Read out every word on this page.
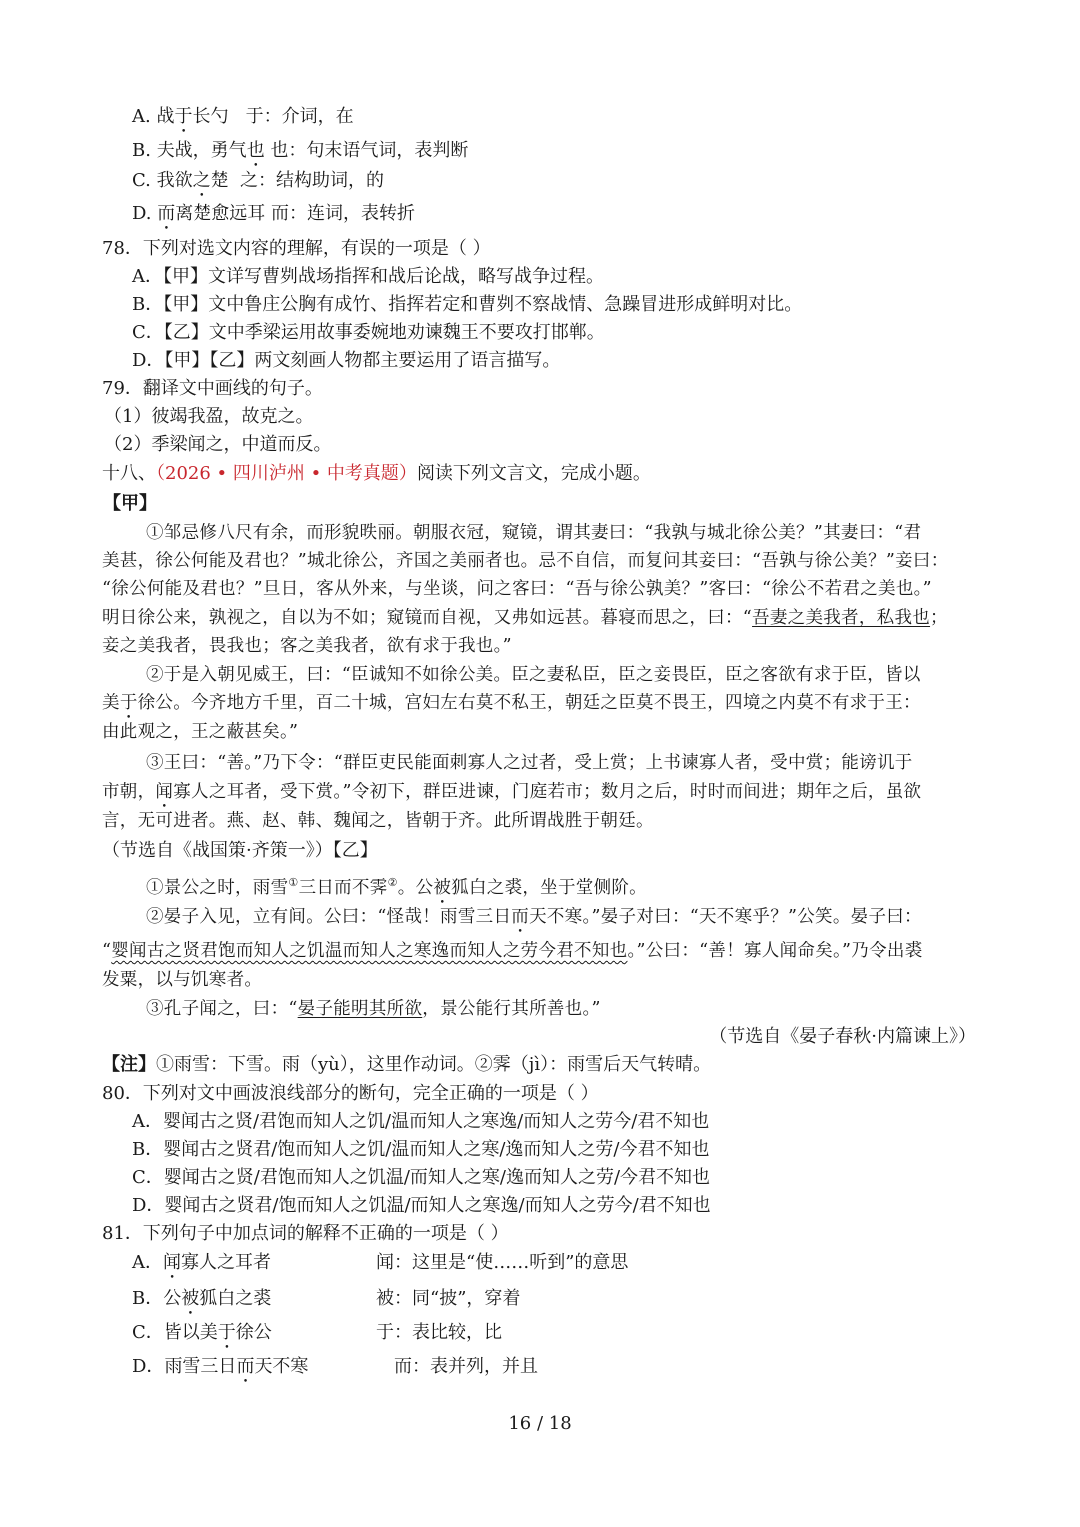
A. 战于长勺 于：介词，在
B. 夫战，勇气也 也：句末语气词，表判断
C. 我欲之楚 之：结构助词，的
D. 而离楚愈远耳 而：连词，表转折
78．下列对选文内容的理解，有误的一项是（ ）
A．【甲】文详写曹刿战场指挥和战后论战，略写战争过程。
B．【甲】文中鲁庄公胸有成竹、指挥若定和曹刿不察战情、急躁冒进形成鲜明对比。
C．【乙】文中季梁运用故事委婉地劝谏魏王不要攻打邯郸。
D．【甲】【乙】两文刻画人物都主要运用了语言描写。
79．翻译文中画线的句子。
（1）彼竭我盈，故克之。
（2）季梁闻之，中道而反。
十八、（2026 • 四川泸州 • 中考真题）阅读下列文言文，完成小题。
【甲】
①邹忌修八尺有余，而形貌昳丽。朝服衣冠，窥镜，谓其妻曰：“我孰与城北徐公美？”其妻曰：“君
美甚，徐公何能及君也？”城北徐公，齐国之美丽者也。忌不自信，而复问其妾曰：“吾孰与徐公美？”妾曰：
“徐公何能及君也？”旦日，客从外来，与坐谈，问之客曰：“吾与徐公孰美？”客曰：“徐公不若君之美也。”
明日徐公来，孰视之，自以为不如；窥镜而自视，又弗如远甚。暮寝而思之，曰：“吾妻之美我者，私我也；
妾之美我者，畏我也；客之美我者，欲有求于我也。”
②于是入朝见威王，曰：“臣诚知不如徐公美。臣之妻私臣，臣之妾畏臣，臣之客欲有求于臣，皆以
美于徐公。今齐地方千里，百二十城，宫妇左右莫不私王，朝廷之臣莫不畏王，四境之内莫不有求于王：
由此观之，王之蔽甚矣。”
③王曰：“善。”乃下令：“群臣吏民能面刺寡人之过者，受上赏；上书谏寡人者，受中赏；能谤讥于
市朝，闻寡人之耳者，受下赏。”令初下，群臣进谏，门庭若市；数月之后，时时而间进；期年之后，虽欲
言，无可进者。燕、赵、韩、魏闻之，皆朝于齐。此所谓战胜于朝廷。
（节选自《战国策·齐策一》）【乙】
①景公之时，雨雪①三日而不霁②。公被狐白之裘，坐于堂侧阶。
②晏子入见，立有间。公曰：“怪哉！雨雪三日而天不寒。”晏子对曰：“天不寒乎？”公笑。晏子曰：
“婴闻古之贤君饱而知人之饥温而知人之寒逸而知人之劳今君不知也。”公曰：“善！寡人闻命矣。”乃令出裘
发粟，以与饥寒者。
③孔子闻之，曰：“晏子能明其所欲，景公能行其所善也。”
（节选自《晏子春秋·内篇谏上》）
【注】①雨雪：下雪。雨（yù），这里作动词。②霁（jì）：雨雪后天气转晴。
80．下列对文中画波浪线部分的断句，完全正确的一项是（ ）
A．婴闻古之贤/君饱而知人之饥/温而知人之寒逸/而知人之劳今/君不知也
B．婴闻古之贤君/饱而知人之饥/温而知人之寒/逸而知人之劳/今君不知也
C．婴闻古之贤/君饱而知人之饥温/而知人之寒/逸而知人之劳/今君不知也
D．婴闻古之贤君/饱而知人之饥温/而知人之寒逸/而知人之劳今/君不知也
81．下列句子中加点词的解释不正确的一项是（ ）
A．闻寡人之耳者	闻：这里是“使……听到”的意思
B．公被狐白之裘	被：同“披”，穿着
C．皆以美于徐公	于：表比较，比
D．雨雪三日而天不寒	而：表并列，并且
16 / 18
